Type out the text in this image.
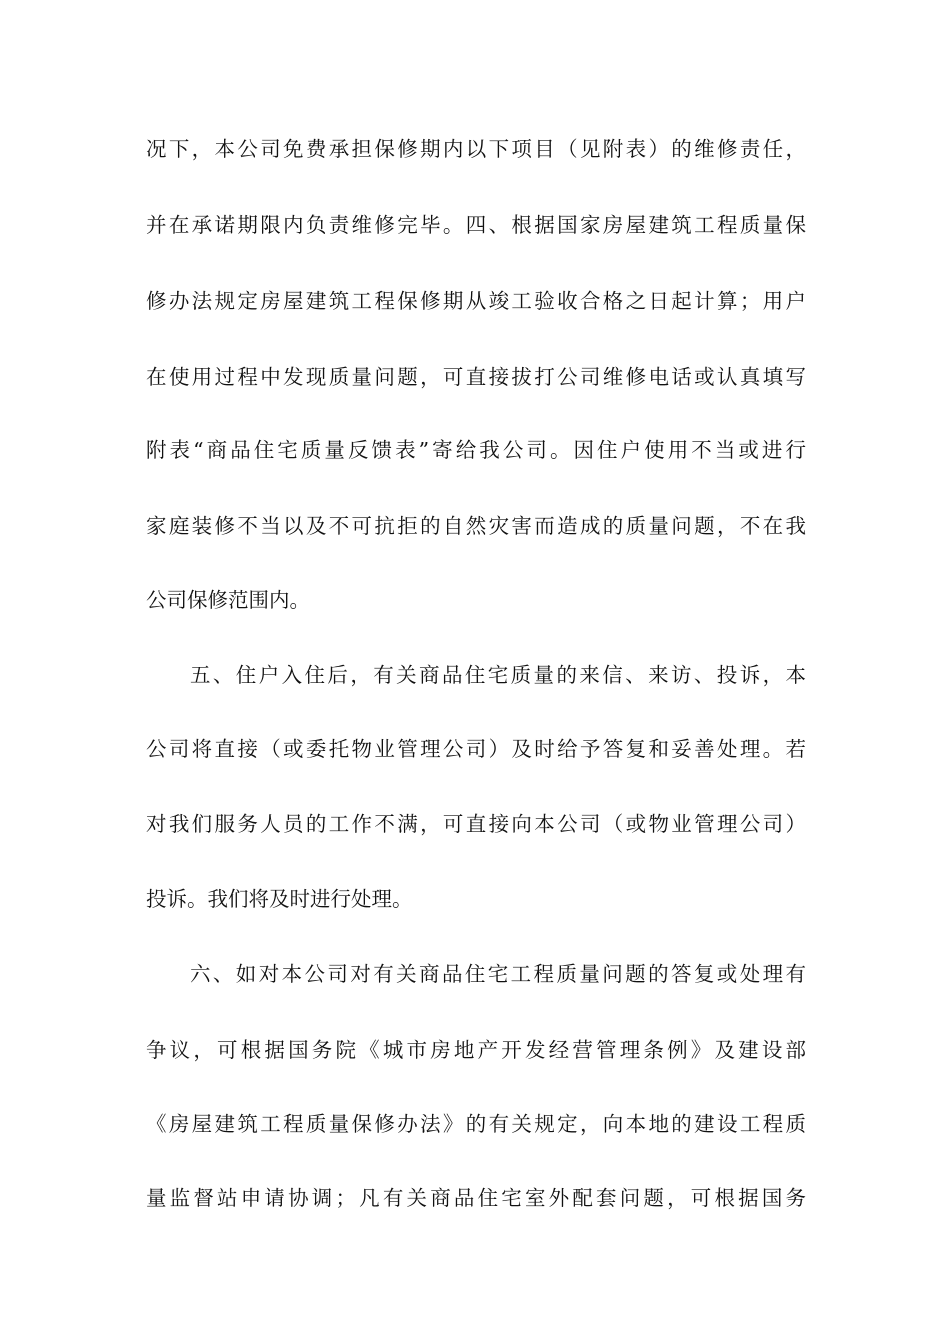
况下，本公司免费承担保修期内以下项目（见附表）的维修责任，
并在承诺期限内负责维修完毕。四、根据国家房屋建筑工程质量保
修办法规定房屋建筑工程保修期从竣工验收合格之日起计算；用户
在使用过程中发现质量问题，可直接拔打公司维修电话或认真填写
附表“商品住宅质量反馈表”寄给我公司。因住户使用不当或进行
家庭装修不当以及不可抗拒的自然灾害而造成的质量问题，不在我
公司保修范围内。
五、住户入住后，有关商品住宅质量的来信、来访、投诉，本
公司将直接（或委托物业管理公司）及时给予答复和妥善处理。若
对我们服务人员的工作不满，可直接向本公司（或物业管理公司）
投诉。我们将及时进行处理。
六、如对本公司对有关商品住宅工程质量问题的答复或处理有
争议，可根据国务院《城市房地产开发经营管理条例》及建设部
《房屋建筑工程质量保修办法》的有关规定，向本地的建设工程质
量监督站申请协调；凡有关商品住宅室外配套问题，可根据国务
